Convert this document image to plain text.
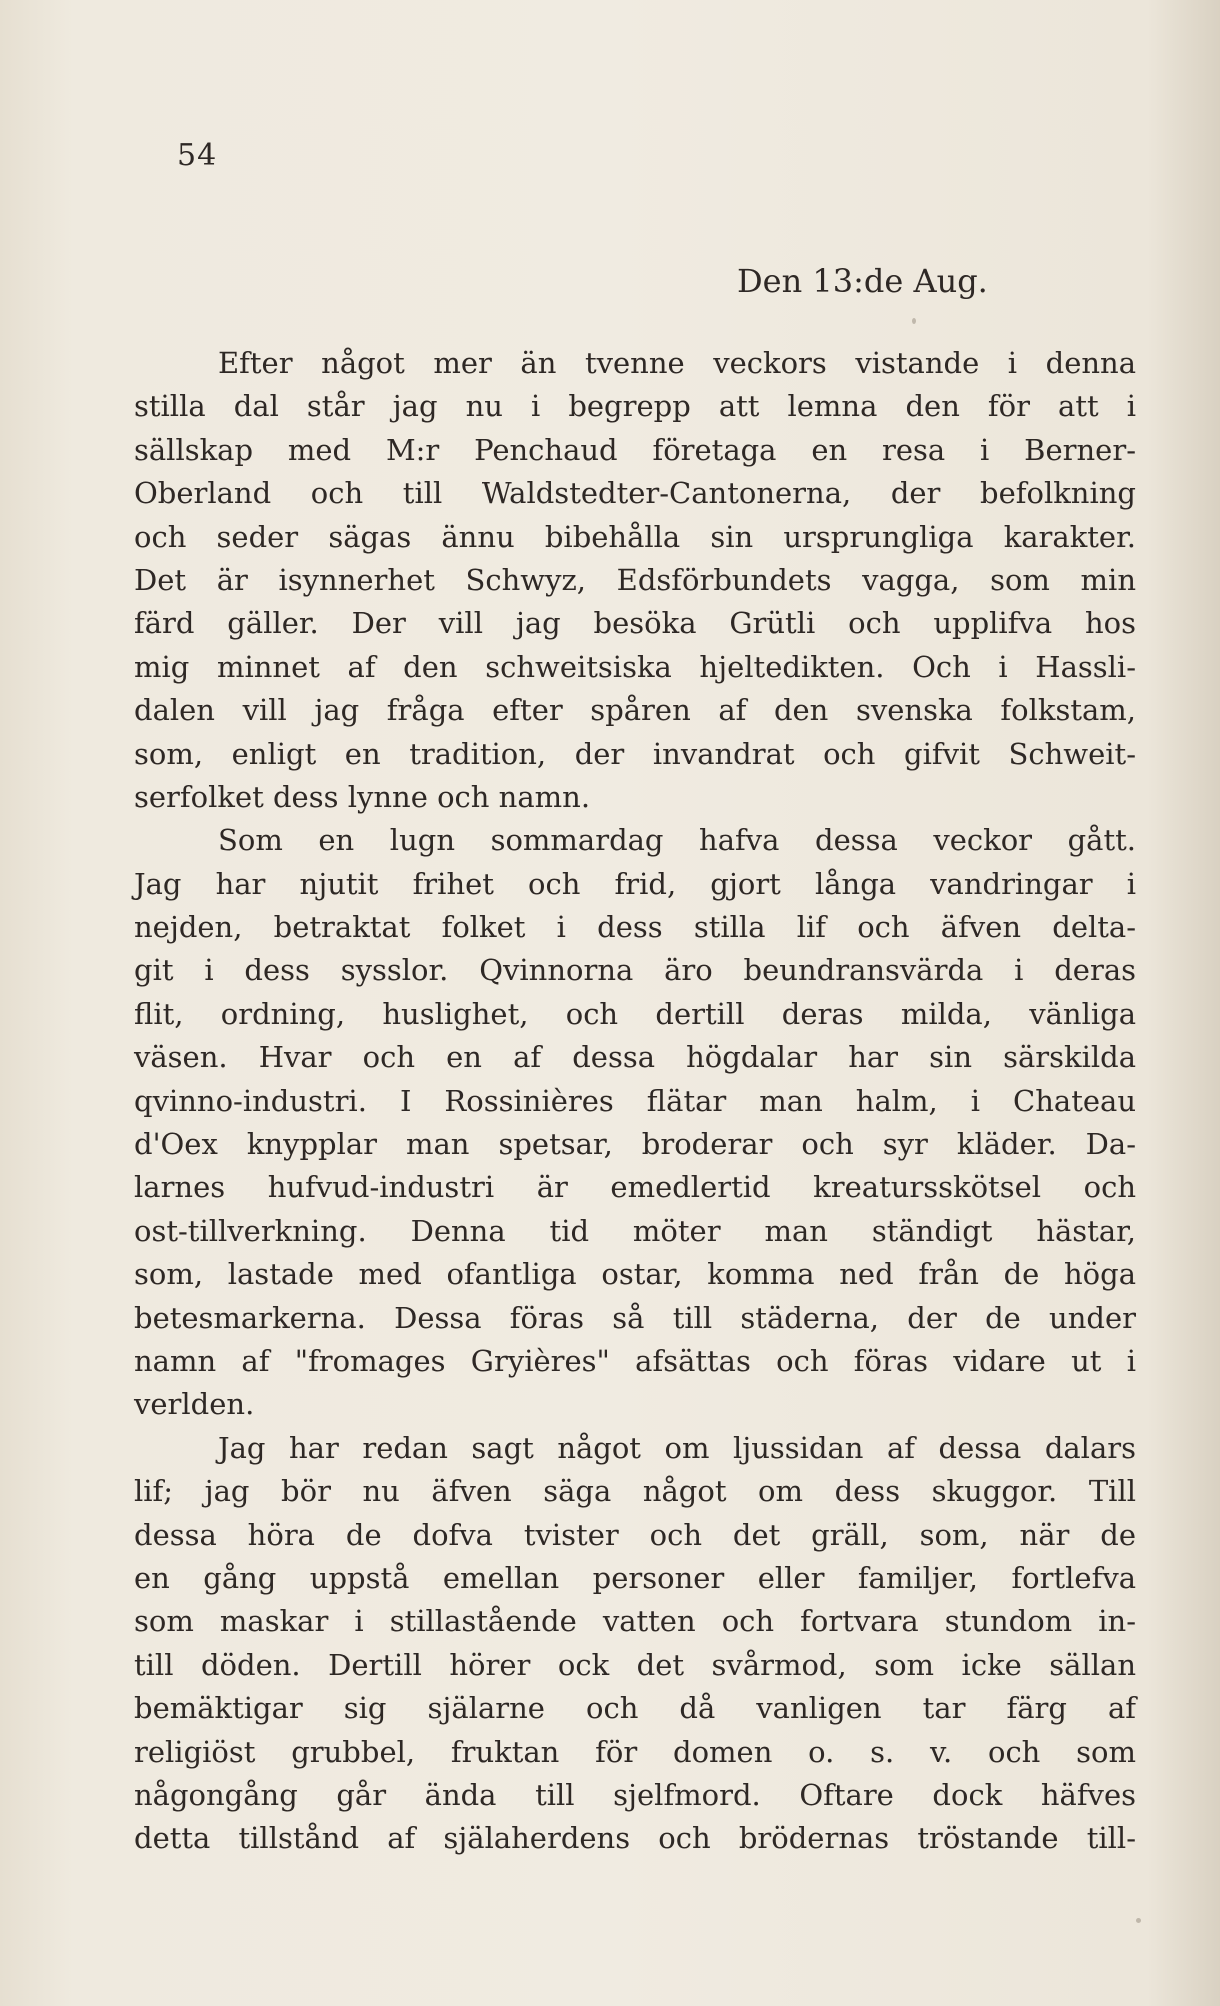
54
Den 13:de Aug.
Efter något mer än tvenne veckors vistande i denna
stilla dal står jag nu i begrepp att lemna den för att i
sällskap med M:r Penchaud företaga en resa i Berner-
Oberland och till Waldstedter-Cantonerna, der befolkning
och seder sägas ännu bibehålla sin ursprungliga karakter.
Det är isynnerhet Schwyz, Edsförbundets vagga, som min
färd gäller. Der vill jag besöka Grütli och upplifva hos
mig minnet af den schweitsiska hjeltedikten. Och i Hassli-
dalen vill jag fråga efter spåren af den svenska folkstam,
som, enligt en tradition, der invandrat och gifvit Schweit-
serfolket dess lynne och namn.
Som en lugn sommardag hafva dessa veckor gått.
Jag har njutit frihet och frid, gjort långa vandringar i
nejden, betraktat folket i dess stilla lif och äfven delta-
git i dess sysslor. Qvinnorna äro beundransvärda i deras
flit, ordning, huslighet, och dertill deras milda, vänliga
väsen. Hvar och en af dessa högdalar har sin särskilda
qvinno-industri. I Rossinières flätar man halm, i Chateau
d'Oex knypplar man spetsar, broderar och syr kläder. Da-
larnes hufvud-industri är emedlertid kreatursskötsel och
ost-tillverkning. Denna tid möter man ständigt hästar,
som, lastade med ofantliga ostar, komma ned från de höga
betesmarkerna. Dessa föras så till städerna, der de under
namn af "fromages Gryières" afsättas och föras vidare ut i
verlden.
Jag har redan sagt något om ljussidan af dessa dalars
lif; jag bör nu äfven säga något om dess skuggor. Till
dessa höra de dofva tvister och det gräll, som, när de
en gång uppstå emellan personer eller familjer, fortlefva
som maskar i stillastående vatten och fortvara stundom in-
till döden. Dertill hörer ock det svårmod, som icke sällan
bemäktigar sig själarne och då vanligen tar färg af
religiöst grubbel, fruktan för domen o. s. v. och som
någongång går ända till sjelfmord. Oftare dock häfves
detta tillstånd af själaherdens och brödernas tröstande till-
